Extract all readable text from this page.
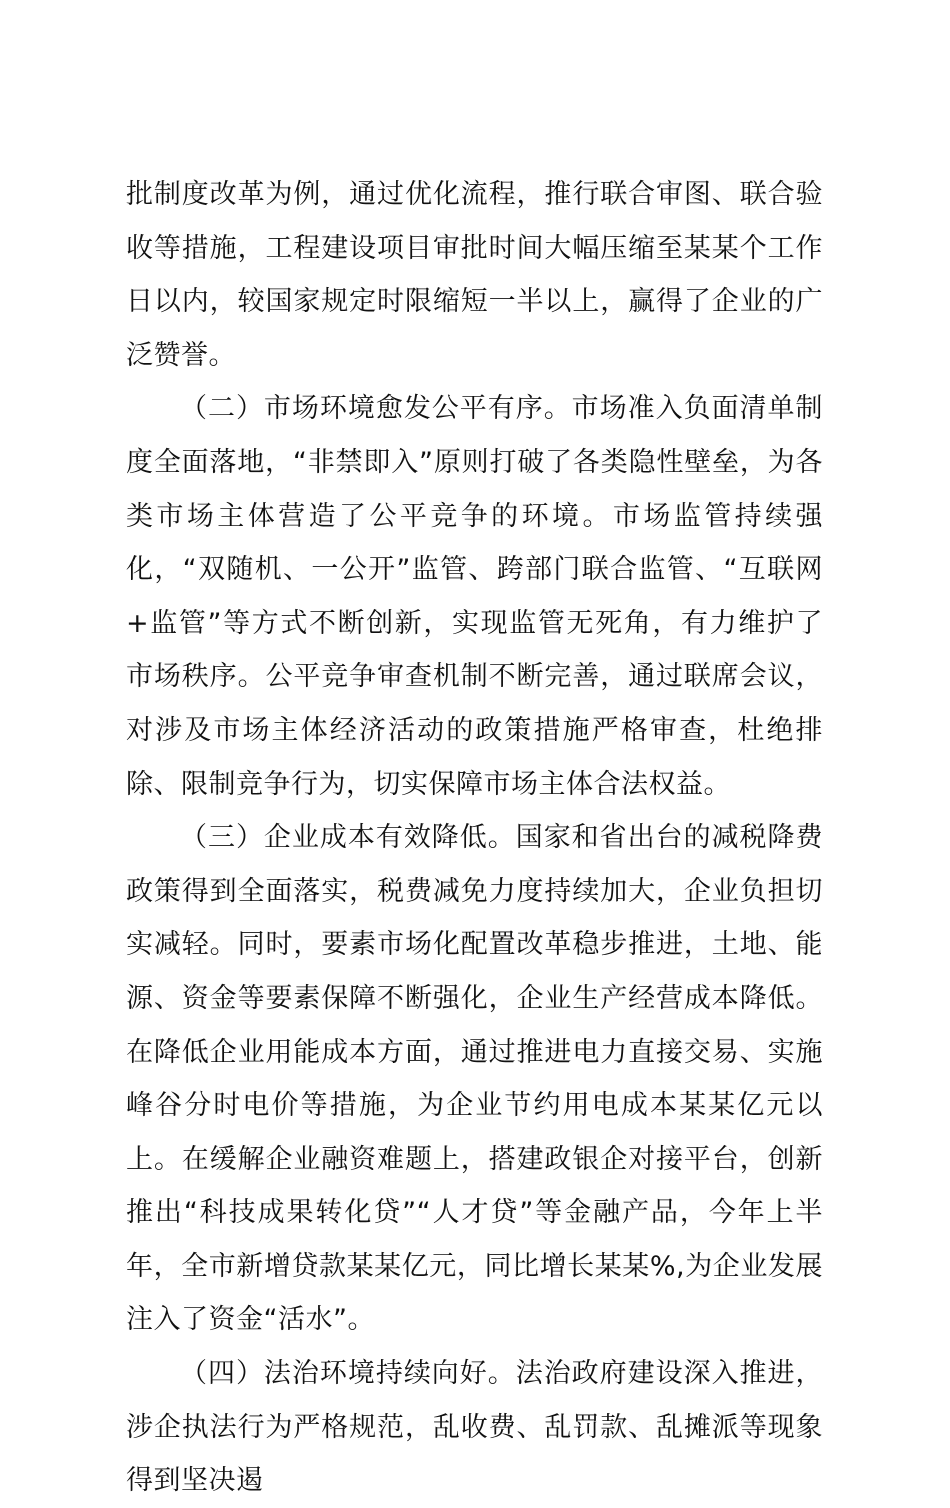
批制度改革为例，通过优化流程，推行联合审图、联合验收等措施，工程建设项目审批时间大幅压缩至某某个工作日以内，较国家规定时限缩短一半以上，赢得了企业的广泛赞誉。

（二）市场环境愈发公平有序。市场准入负面清单制度全面落地，“非禁即入”原则打破了各类隐性壁垒，为各类市场主体营造了公平竞争的环境。市场监管持续强化，“双随机、一公开”监管、跨部门联合监管、“互联网+监管”等方式不断创新，实现监管无死角，有力维护了市场秩序。公平竞争审查机制不断完善，通过联席会议，对涉及市场主体经济活动的政策措施严格审查，杜绝排除、限制竞争行为，切实保障市场主体合法权益。

（三）企业成本有效降低。国家和省出台的减税降费政策得到全面落实，税费减免力度持续加大，企业负担切实减轻。同时，要素市场化配置改革稳步推进，土地、能源、资金等要素保障不断强化，企业生产经营成本降低。在降低企业用能成本方面，通过推进电力直接交易、实施峰谷分时电价等措施，为企业节约用电成本某某亿元以上。在缓解企业融资难题上，搭建政银企对接平台，创新推出“科技成果转化贷”“人才贷”等金融产品，今年上半年，全市新增贷款某某亿元，同比增长某某%,为企业发展注入了资金“活水”。

（四）法治环境持续向好。法治政府建设深入推进，涉企执法行为严格规范，乱收费、乱罚款、乱摊派等现象得到坚决遏
